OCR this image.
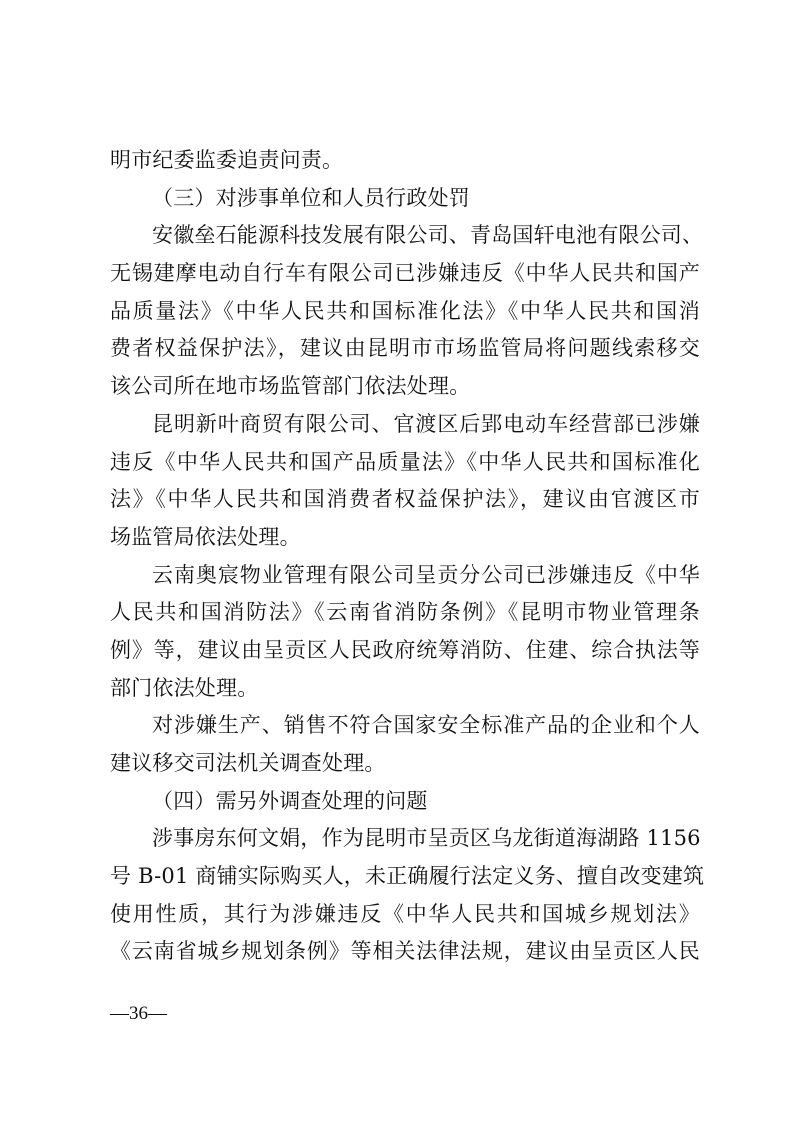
明市纪委监委追责问责。
（三）对涉事单位和人员行政处罚
安徽垒石能源科技发展有限公司、青岛国轩电池有限公司、
无锡建摩电动自行车有限公司已涉嫌违反《中华人民共和国产
品质量法》《中华人民共和国标准化法》《中华人民共和国消
费者权益保护法》，建议由昆明市市场监管局将问题线索移交
该公司所在地市场监管部门依法处理。
昆明新叶商贸有限公司、官渡区后郢电动车经营部已涉嫌
违反《中华人民共和国产品质量法》《中华人民共和国标准化
法》《中华人民共和国消费者权益保护法》，建议由官渡区市
场监管局依法处理。
云南奥宸物业管理有限公司呈贡分公司已涉嫌违反《中华
人民共和国消防法》《云南省消防条例》《昆明市物业管理条
例》等，建议由呈贡区人民政府统筹消防、住建、综合执法等
部门依法处理。
对涉嫌生产、销售不符合国家安全标准产品的企业和个人
建议移交司法机关调查处理。
（四）需另外调查处理的问题
涉事房东何文娟，作为昆明市呈贡区乌龙街道海湖路 1156
号 B-01 商铺实际购买人，未正确履行法定义务、擅自改变建筑
使用性质，其行为涉嫌违反《中华人民共和国城乡规划法》
《云南省城乡规划条例》等相关法律法规，建议由呈贡区人民
—36—
